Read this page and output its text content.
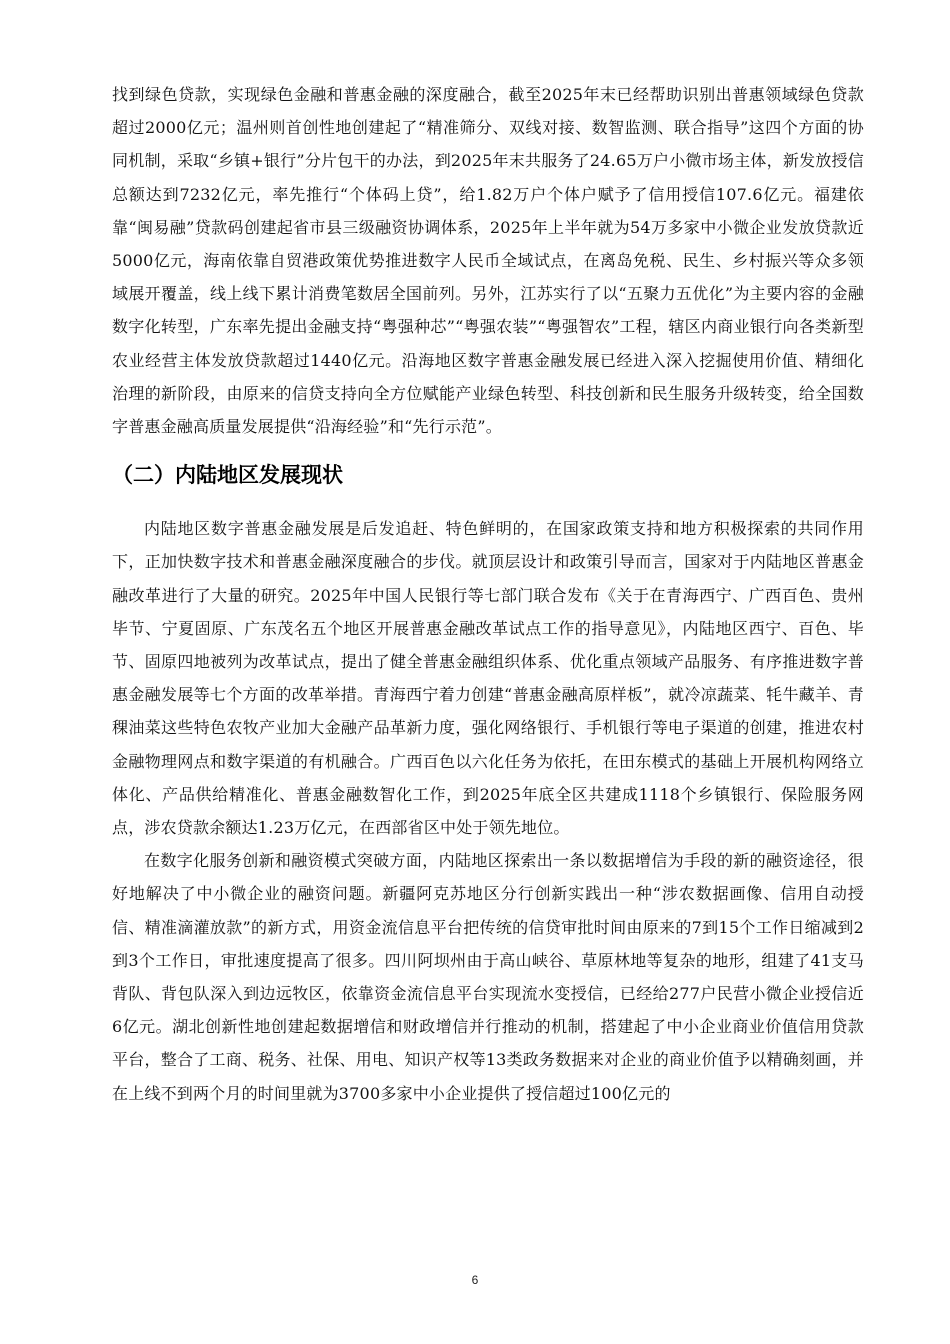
找到绿色贷款，实现绿色金融和普惠金融的深度融合，截至2025年末已经帮助识别出普惠领域绿色贷款超过2000亿元；温州则首创性地创建起了“精准筛分、双线对接、数智监测、联合指导”这四个方面的协同机制，采取“乡镇+银行”分片包干的办法，到2025年末共服务了24.65万户小微市场主体，新发放授信总额达到7232亿元，率先推行“个体码上贷”，给1.82万户个体户赋予了信用授信107.6亿元。福建依靠“闽易融”贷款码创建起省市县三级融资协调体系，2025年上半年就为54万多家中小微企业发放贷款近5000亿元，海南依靠自贸港政策优势推进数字人民币全域试点，在离岛免税、民生、乡村振兴等众多领域展开覆盖，线上线下累计消费笔数居全国前列。另外，江苏实行了以“五聚力五优化”为主要内容的金融数字化转型，广东率先提出金融支持“粤强种芯”“粤强农装”“粤强智农”工程，辖区内商业银行向各类新型农业经营主体发放贷款超过1440亿元。沿海地区数字普惠金融发展已经进入深入挖掘使用价值、精细化治理的新阶段，由原来的信贷支持向全方位赋能产业绿色转型、科技创新和民生服务升级转变，给全国数字普惠金融高质量发展提供“沿海经验”和“先行示范”。

（二）内陆地区发展现状

内陆地区数字普惠金融发展是后发追赶、特色鲜明的，在国家政策支持和地方积极探索的共同作用下，正加快数字技术和普惠金融深度融合的步伐。就顶层设计和政策引导而言，国家对于内陆地区普惠金融改革进行了大量的研究。2025年中国人民银行等七部门联合发布《关于在青海西宁、广西百色、贵州毕节、宁夏固原、广东茂名五个地区开展普惠金融改革试点工作的指导意见》，内陆地区西宁、百色、毕节、固原四地被列为改革试点，提出了健全普惠金融组织体系、优化重点领域产品服务、有序推进数字普惠金融发展等七个方面的改革举措。青海西宁着力创建“普惠金融高原样板”，就冷凉蔬菜、牦牛藏羊、青稞油菜这些特色农牧产业加大金融产品革新力度，强化网络银行、手机银行等电子渠道的创建，推进农村金融物理网点和数字渠道的有机融合。广西百色以六化任务为依托，在田东模式的基础上开展机构网络立体化、产品供给精准化、普惠金融数智化工作，到2025年底全区共建成1118个乡镇银行、保险服务网点，涉农贷款余额达1.23万亿元，在西部省区中处于领先地位。

在数字化服务创新和融资模式突破方面，内陆地区探索出一条以数据增信为手段的新的融资途径，很好地解决了中小微企业的融资问题。新疆阿克苏地区分行创新实践出一种“涉农数据画像、信用自动授信、精准滴灌放款”的新方式，用资金流信息平台把传统的信贷审批时间由原来的7到15个工作日缩减到2到3个工作日，审批速度提高了很多。四川阿坝州由于高山峡谷、草原林地等复杂的地形，组建了41支马背队、背包队深入到边远牧区，依靠资金流信息平台实现流水变授信，已经给277户民营小微企业授信近6亿元。湖北创新性地创建起数据增信和财政增信并行推动的机制，搭建起了中小企业商业价值信用贷款平台，整合了工商、税务、社保、用电、知识产权等13类政务数据来对企业的商业价值予以精确刻画，并在上线不到两个月的时间里就为3700多家中小企业提供了授信超过100亿元的

6
